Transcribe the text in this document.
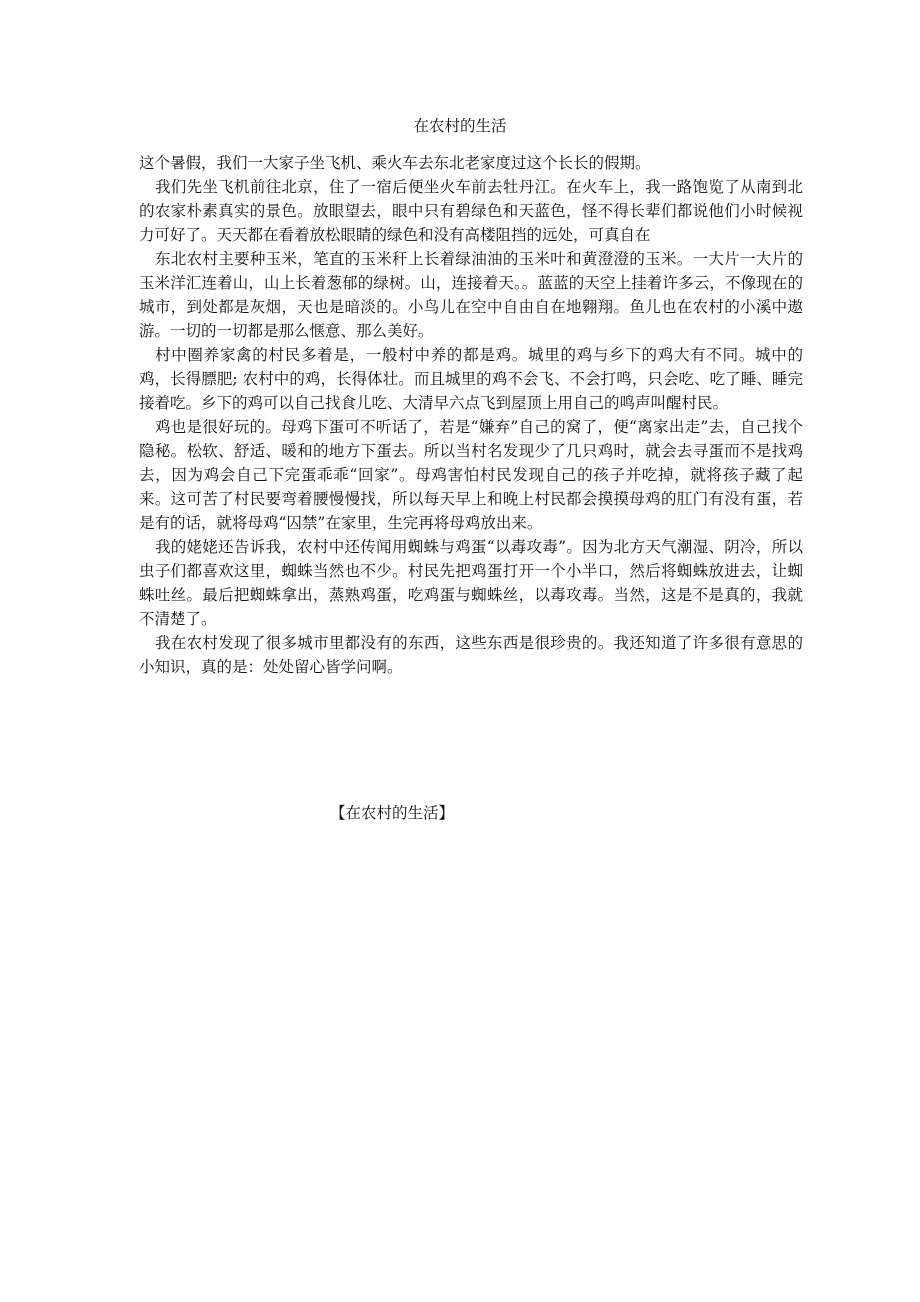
在农村的生活

这个暑假，我们一大家子坐飞机、乘火车去东北老家度过这个长长的假期。

我们先坐飞机前往北京，住了一宿后便坐火车前去牡丹江。在火车上，我一路饱览了从南到北的农家朴素真实的景色。放眼望去，眼中只有碧绿色和天蓝色，怪不得长辈们都说他们小时候视力可好了。天天都在看着放松眼睛的绿色和没有高楼阻挡的远处，可真自在

东北农村主要种玉米，笔直的玉米秆上长着绿油油的玉米叶和黄澄澄的玉米。一大片一大片的玉米洋汇连着山，山上长着葱郁的绿树。山，连接着天。。蓝蓝的天空上挂着许多云，不像现在的城市，到处都是灰烟，天也是暗淡的。小鸟儿在空中自由自在地翱翔。鱼儿也在农村的小溪中遨游。一切的一切都是那么惬意、那么美好。

村中圈养家禽的村民多着是，一般村中养的都是鸡。城里的鸡与乡下的鸡大有不同。城中的鸡，长得膘肥; 农村中的鸡，长得体壮。而且城里的鸡不会飞、不会打鸣，只会吃、吃了睡、睡完接着吃。乡下的鸡可以自己找食儿吃、大清早六点飞到屋顶上用自己的鸣声叫醒村民。

鸡也是很好玩的。母鸡下蛋可不听话了，若是“嫌弃”自己的窝了，便“离家出走”去，自己找个隐秘。松软、舒适、暖和的地方下蛋去。所以当村名发现少了几只鸡时，就会去寻蛋而不是找鸡去，因为鸡会自己下完蛋乖乖“回家”。母鸡害怕村民发现自己的孩子并吃掉，就将孩子藏了起来。这可苦了村民要弯着腰慢慢找，所以每天早上和晚上村民都会摸摸母鸡的肛门有没有蛋，若是有的话，就将母鸡“囚禁”在家里，生完再将母鸡放出来。

我的姥姥还告诉我，农村中还传闻用蜘蛛与鸡蛋“以毒攻毒”。因为北方天气潮湿、阴冷，所以虫子们都喜欢这里，蜘蛛当然也不少。村民先把鸡蛋打开一个小半口，然后将蜘蛛放进去，让蜘蛛吐丝。最后把蜘蛛拿出，蒸熟鸡蛋，吃鸡蛋与蜘蛛丝，以毒攻毒。当然，这是不是真的，我就不清楚了。

我在农村发现了很多城市里都没有的东西，这些东西是很珍贵的。我还知道了许多很有意思的小知识，真的是：处处留心皆学问啊。

【在农村的生活】
